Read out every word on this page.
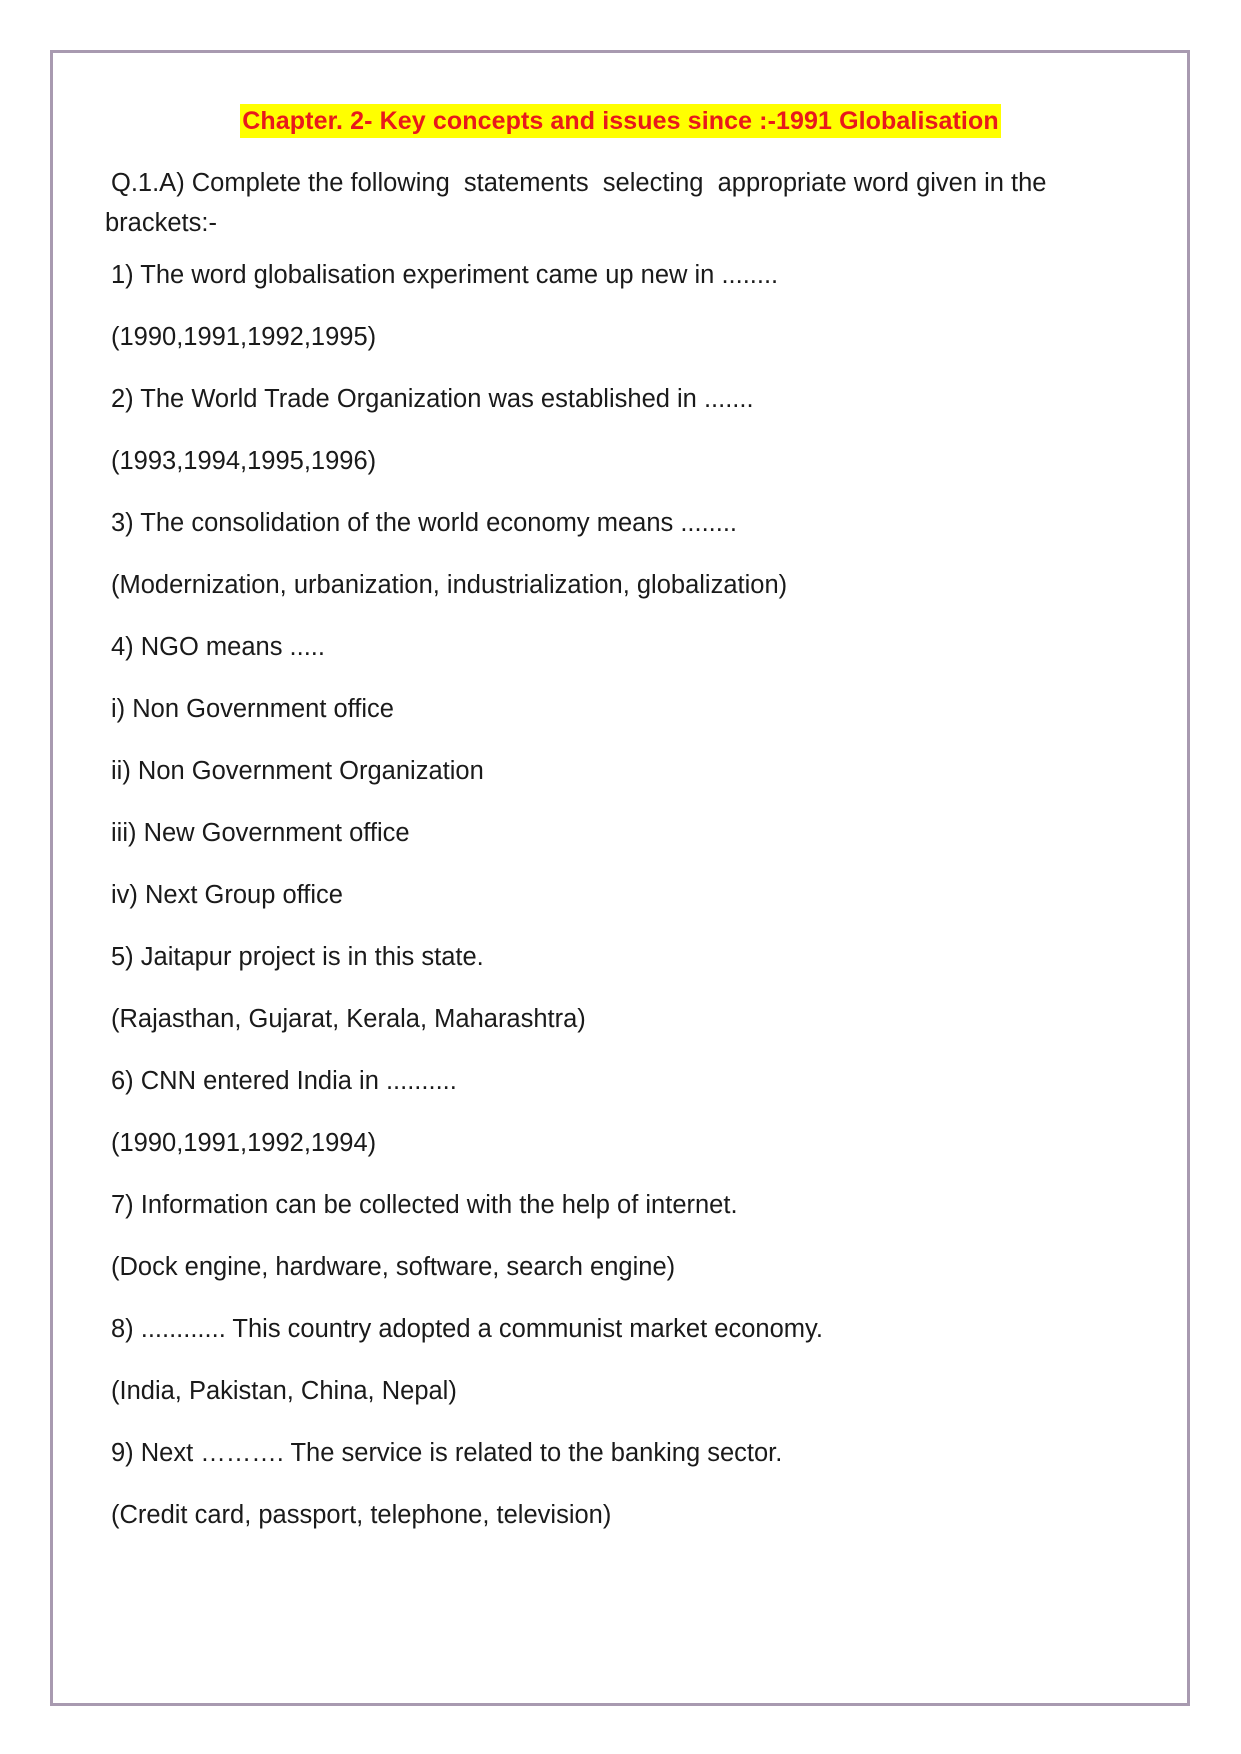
Chapter. 2- Key concepts and issues since :-1991 Globalisation
Q.1.A) Complete the following  statements  selecting  appropriate word given in the
brackets:-
1) The word globalisation experiment came up new in ........
(1990,1991,1992,1995)
2) The World Trade Organization was established in .......
(1993,1994,1995,1996)
3) The consolidation of the world economy means ........
(Modernization, urbanization, industrialization, globalization)
4) NGO means .....
i) Non Government office
ii) Non Government Organization
iii) New Government office
iv) Next Group office
5) Jaitapur project is in this state.
(Rajasthan, Gujarat, Kerala, Maharashtra)
6) CNN entered India in ..........
(1990,1991,1992,1994)
7) Information can be collected with the help of internet.
(Dock engine, hardware, software, search engine)
8) ............ This country adopted a communist market economy.
(India, Pakistan, China, Nepal)
9) Next ………. The service is related to the banking sector.
(Credit card, passport, telephone, television)
